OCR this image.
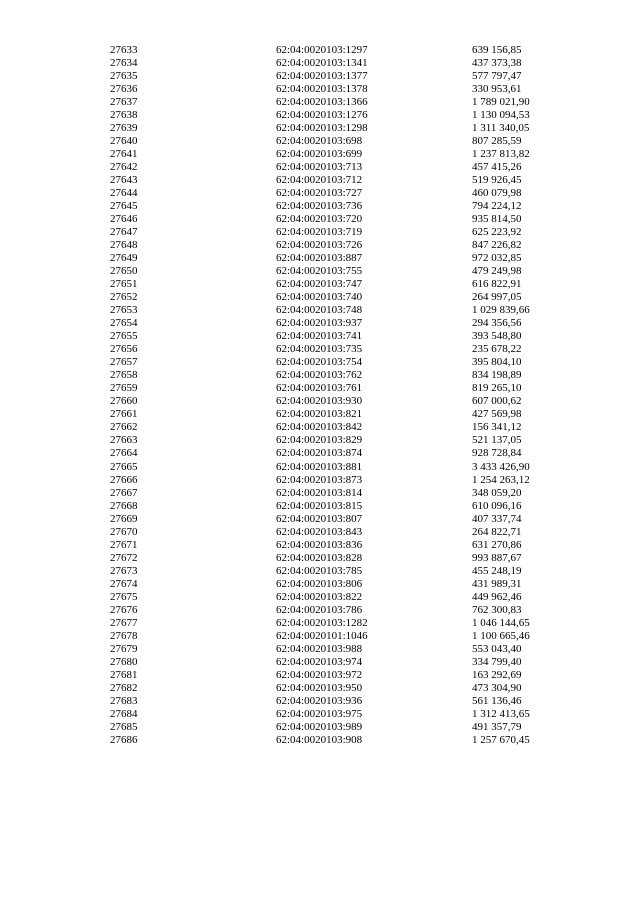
27633	62:04:0020103:1297	639 156,85
27634	62:04:0020103:1341	437 373,38
27635	62:04:0020103:1377	577 797,47
27636	62:04:0020103:1378	330 953,61
27637	62:04:0020103:1366	1 789 021,90
27638	62:04:0020103:1276	1 130 094,53
27639	62:04:0020103:1298	1 311 340,05
27640	62:04:0020103:698	807 285,59
27641	62:04:0020103:699	1 237 813,82
27642	62:04:0020103:713	457 415,26
27643	62:04:0020103:712	519 926,45
27644	62:04:0020103:727	460 079,98
27645	62:04:0020103:736	794 224,12
27646	62:04:0020103:720	935 814,50
27647	62:04:0020103:719	625 223,92
27648	62:04:0020103:726	847 226,82
27649	62:04:0020103:887	972 032,85
27650	62:04:0020103:755	479 249,98
27651	62:04:0020103:747	616 822,91
27652	62:04:0020103:740	264 997,05
27653	62:04:0020103:748	1 029 839,66
27654	62:04:0020103:937	294 356,56
27655	62:04:0020103:741	393 548,80
27656	62:04:0020103:735	235 678,22
27657	62:04:0020103:754	395 804,10
27658	62:04:0020103:762	834 198,89
27659	62:04:0020103:761	819 265,10
27660	62:04:0020103:930	607 000,62
27661	62:04:0020103:821	427 569,98
27662	62:04:0020103:842	156 341,12
27663	62:04:0020103:829	521 137,05
27664	62:04:0020103:874	928 728,84
27665	62:04:0020103:881	3 433 426,90
27666	62:04:0020103:873	1 254 263,12
27667	62:04:0020103:814	348 059,20
27668	62:04:0020103:815	610 096,16
27669	62:04:0020103:807	407 337,74
27670	62:04:0020103:843	264 822,71
27671	62:04:0020103:836	631 270,86
27672	62:04:0020103:828	993 887,67
27673	62:04:0020103:785	455 248,19
27674	62:04:0020103:806	431 989,31
27675	62:04:0020103:822	449 962,46
27676	62:04:0020103:786	762 300,83
27677	62:04:0020103:1282	1 046 144,65
27678	62:04:0020101:1046	1 100 665,46
27679	62:04:0020103:988	553 043,40
27680	62:04:0020103:974	334 799,40
27681	62:04:0020103:972	163 292,69
27682	62:04:0020103:950	473 304,90
27683	62:04:0020103:936	561 136,46
27684	62:04:0020103:975	1 312 413,65
27685	62:04:0020103:989	491 357,79
27686	62:04:0020103:908	1 257 670,45
